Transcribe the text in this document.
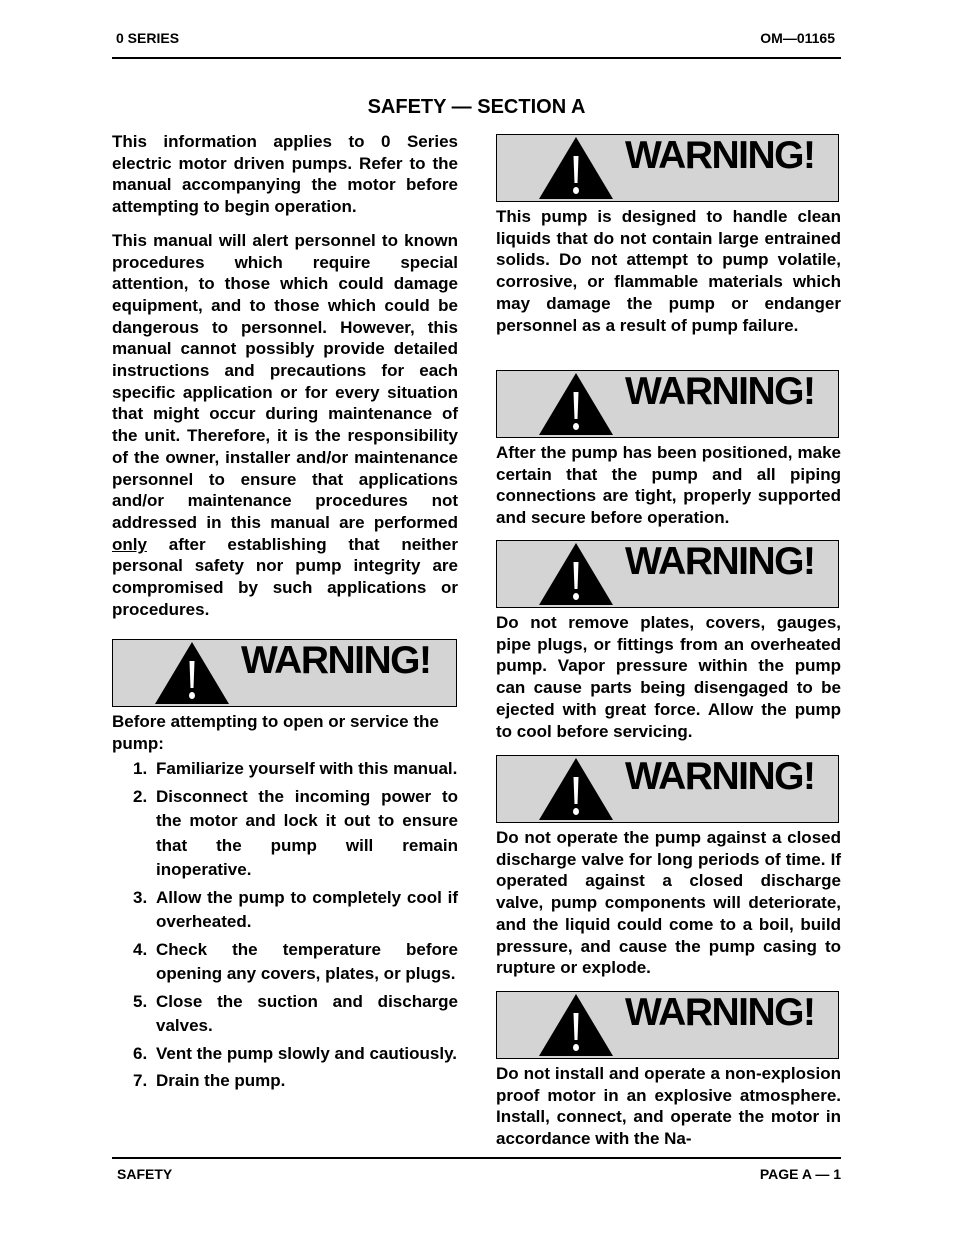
0 SERIES	OM—01165
SAFETY — SECTION A

This information applies to 0 Series electric motor driven pumps. Refer to the manual accompanying the motor before attempting to begin operation.

This manual will alert personnel to known procedures which require special attention, to those which could damage equipment, and to those which could be dangerous to personnel. However, this manual cannot possibly provide detailed instructions and precautions for each specific application or for every situation that might occur during maintenance of the unit. Therefore, it is the responsibility of the owner, installer and/or maintenance personnel to ensure that applications and/or maintenance procedures not addressed in this manual are performed only after establishing that neither personal safety nor pump integrity are compromised by such applications or procedures.

WARNING!

Before attempting to open or service the pump:

1. Familiarize yourself with this manual.
2. Disconnect the incoming power to the motor and lock it out to ensure that the pump will remain inoperative.
3. Allow the pump to completely cool if overheated.
4. Check the temperature before opening any covers, plates, or plugs.
5. Close the suction and discharge valves.
6. Vent the pump slowly and cautiously.
7. Drain the pump.
WARNING!

This pump is designed to handle clean liquids that do not contain large entrained solids. Do not attempt to pump volatile, corrosive, or flammable materials which may damage the pump or endanger personnel as a result of pump failure.

WARNING!

After the pump has been positioned, make certain that the pump and all piping connections are tight, properly supported and secure before operation.

WARNING!

Do not remove plates, covers, gauges, pipe plugs, or fittings from an overheated pump. Vapor pressure within the pump can cause parts being disengaged to be ejected with great force. Allow the pump to cool before servicing.

WARNING!

Do not operate the pump against a closed discharge valve for long periods of time. If operated against a closed discharge valve, pump components will deteriorate, and the liquid could come to a boil, build pressure, and cause the pump casing to rupture or explode.

WARNING!

Do not install and operate a non-explosion proof motor in an explosive atmosphere. Install, connect, and operate the motor in accordance with the Na-

SAFETY	PAGE A — 1
